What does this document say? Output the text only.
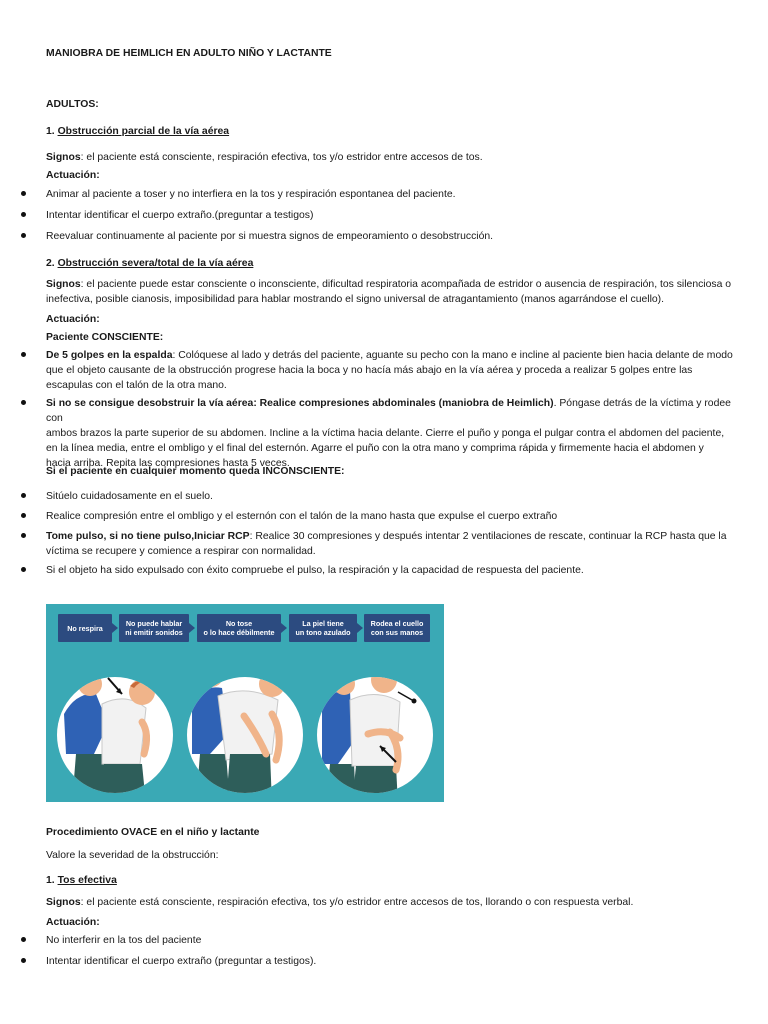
MANIOBRA DE HEIMLICH EN ADULTO NIÑO Y LACTANTE
ADULTOS:
1. Obstrucción parcial de la vía aérea
Signos: el paciente está consciente, respiración efectiva, tos y/o estridor entre accesos de tos.
Actuación:
Animar al paciente a toser y no interfiera en la tos y respiración espontanea del paciente.
Intentar identificar el cuerpo extraño.(preguntar a testigos)
Reevaluar continuamente al paciente por si muestra signos de empeoramiento o desobstrucción.
2. Obstrucción severa/total de la vía aérea
Signos: el paciente puede estar consciente o inconsciente, dificultad respiratoria acompañada de estridor o ausencia de respiración, tos silenciosa o
inefectiva, posible cianosis, imposibilidad para hablar mostrando el signo universal de atragantamiento (manos agarrándose el cuello).
Actuación:
Paciente CONSCIENTE:
De 5 golpes en la espalda: Colóquese al lado y detrás del paciente, aguante su pecho con la mano e incline al paciente bien hacia delante de modo
que el objeto causante de la obstrucción progrese hacia la boca y no hacía más abajo en la vía aérea y proceda a realizar 5 golpes entre las
escapulas con el talón de la otra mano.
Si no se consigue desobstruir la vía aérea: Realice compresiones abdominales (maniobra de Heimlich). Póngase detrás de la víctima y rodee con
ambos brazos la parte superior de su abdomen. Incline a la víctima hacia delante. Cierre el puño y ponga el pulgar contra el abdomen del paciente,
en la línea media, entre el ombligo y el final del esternón. Agarre el puño con la otra mano y comprima rápida y firmemente hacia el abdomen y
hacia arriba. Repita las compresiones hasta 5 veces.
Si el paciente en cualquier momento queda INCONSCIENTE:
Sitúelo cuidadosamente en el suelo.
Realice compresión entre el ombligo y el esternón con el talón de la mano hasta que expulse el cuerpo extraño
Tome pulso, si no tiene pulso,Iniciar RCP: Realice 30 compresiones y después intentar 2 ventilaciones de rescate, continuar la RCP hasta que la
víctima se recupere y comience a respirar con normalidad.
Si el objeto ha sido expulsado con éxito compruebe el pulso, la respiración y la capacidad de respuesta del paciente.
No respira	No puede hablar
ni emitir sonidos
No tose
o lo hace débilmente
La piel tiene
un tono azulado
Rodea el cuello
con sus manos
Procedimiento OVACE en el niño y lactante
Valore la severidad de la obstrucción:
1. Tos efectiva
Signos: el paciente está consciente, respiración efectiva, tos y/o estridor entre accesos de tos, llorando o con respuesta verbal.
Actuación:
No interferir en la tos del paciente
Intentar identificar el cuerpo extraño (preguntar a testigos).
